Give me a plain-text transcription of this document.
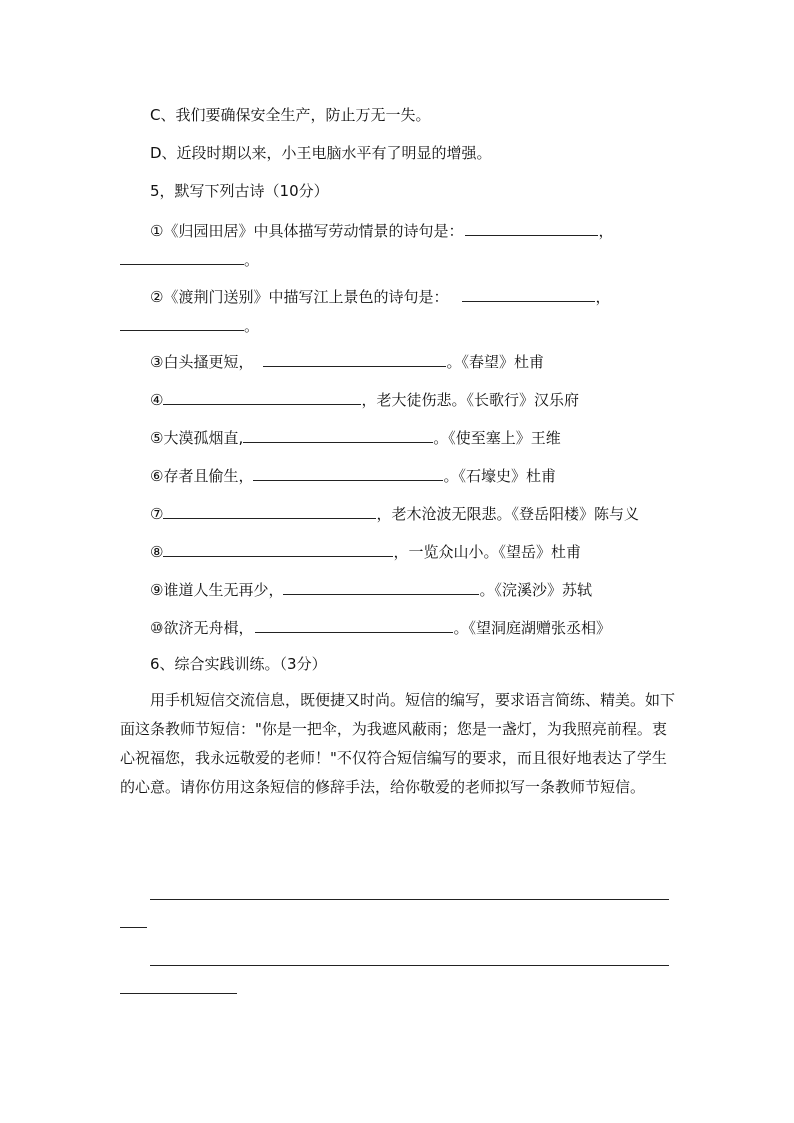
C、我们要确保安全生产，防止万无一失。
D、近段时期以来，小王电脑水平有了明显的增强。
5，默写下列古诗（10分）
①《归园田居》中具体描写劳动情景的诗句是：	，
。
②《渡荆门送别》中描写江上景色的诗句是：	，
。
③白头搔更短，	。《春望》杜甫
④	，老大徒伤悲。《长歌行》汉乐府
⑤大漠孤烟直,	。《使至塞上》王维
⑥存者且偷生，	。《石壕史》杜甫
⑦	，老木沧波无限悲。《登岳阳楼》陈与义
⑧	，一览众山小。《望岳》杜甫
⑨谁道人生无再少，	。《浣溪沙》苏轼
⑩欲济无舟楫，	。《望洞庭湖赠张丞相》
6、综合实践训练。（3分）
用手机短信交流信息，既便捷又时尚。短信的编写，要求语言简练、精美。如下面这条教师节短信："你是一把伞，为我遮风蔽雨；您是一盏灯，为我照亮前程。衷心祝福您，我永远敬爱的老师！"不仅符合短信编写的要求，而且很好地表达了学生的心意。请你仿用这条短信的修辞手法，给你敬爱的老师拟写一条教师节短信。
